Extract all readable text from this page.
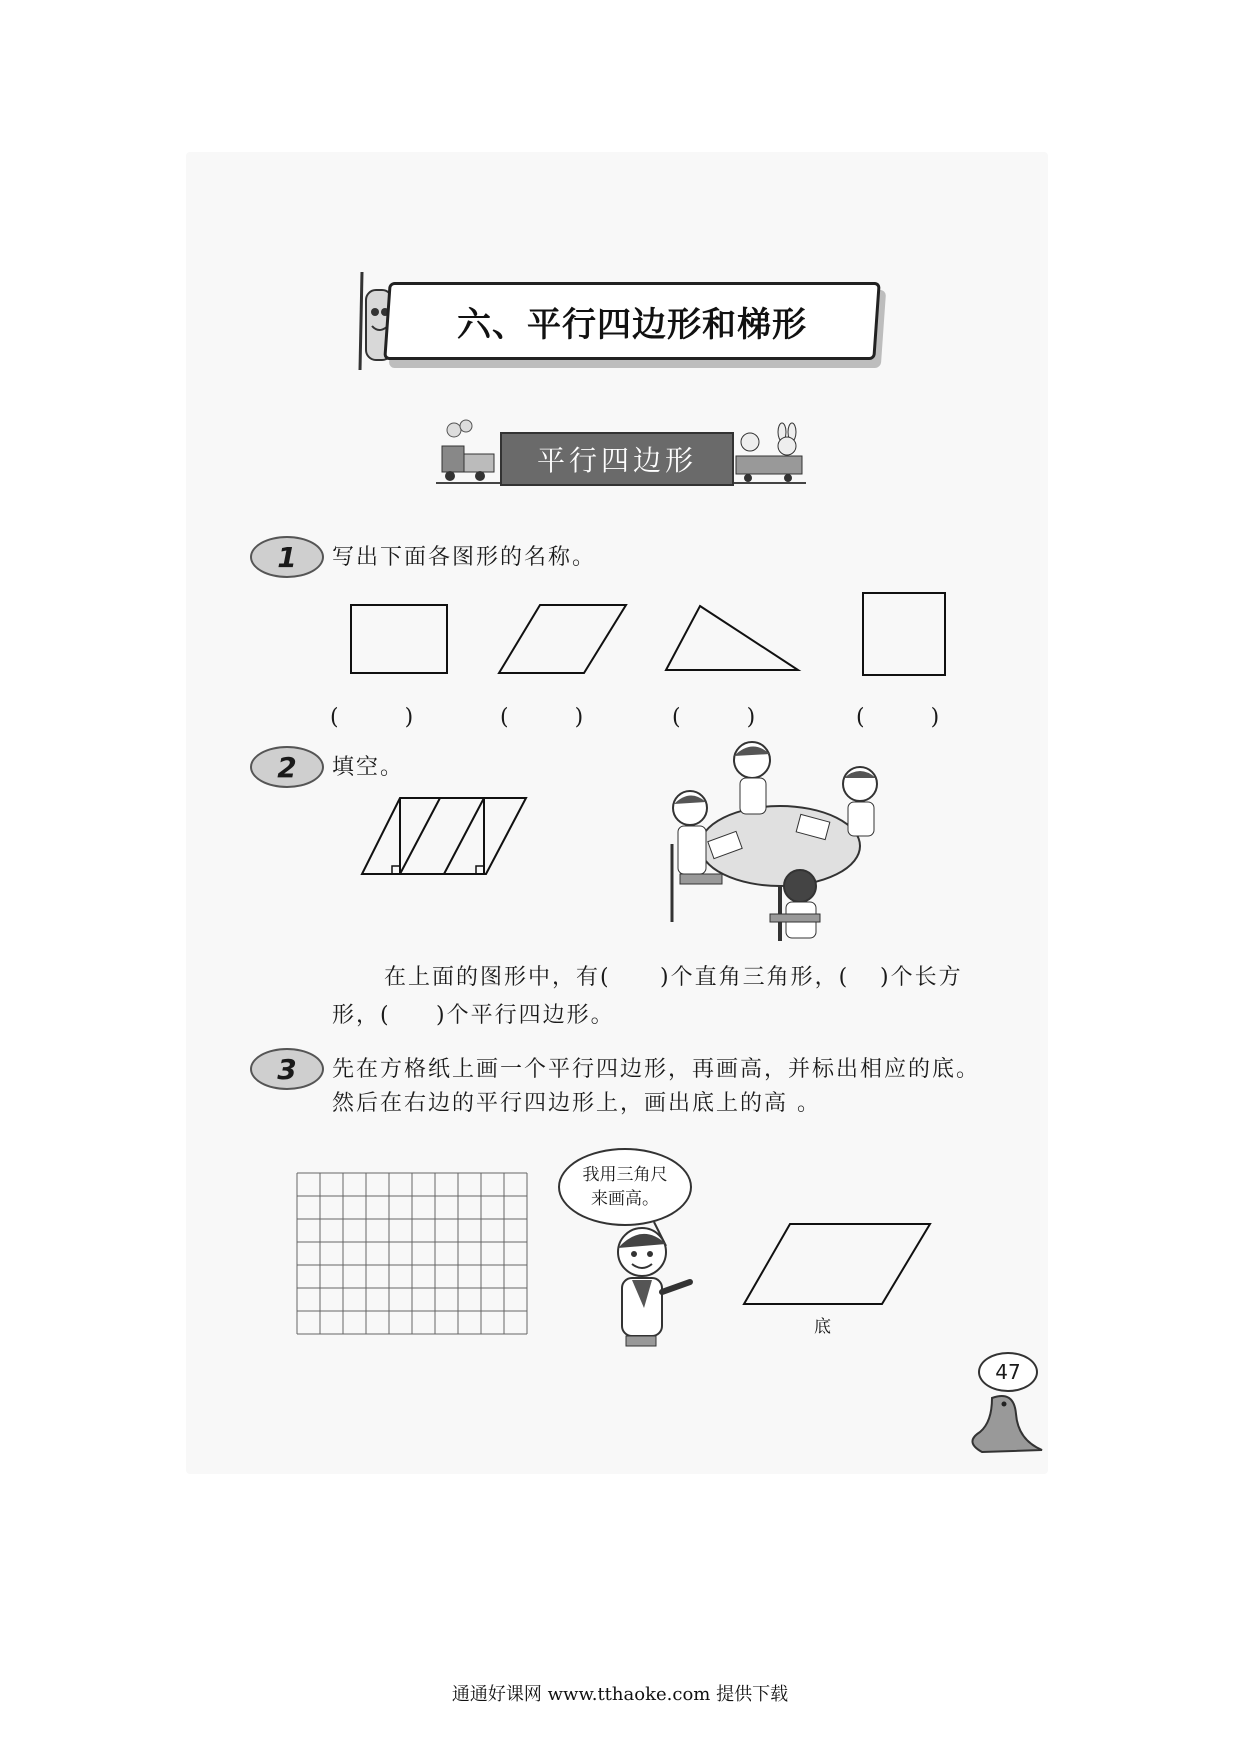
六、平行四边形和梯形
平行四边形
1	写出下面各图形的名称。
(　　　)	(　　　)	(　　　)	(　　　)
2	填空。
在上面的图形中，有( )个直角三角形，( )个长方
形，( )个平行四边形。
3	先在方格纸上画一个平行四边形，再画高，并标出相应的底。
然后在右边的平行四边形上，画出底上的高 。
我用三角尺
来画高。
底
47
通通好课网 www.tthaoke.com 提供下载
